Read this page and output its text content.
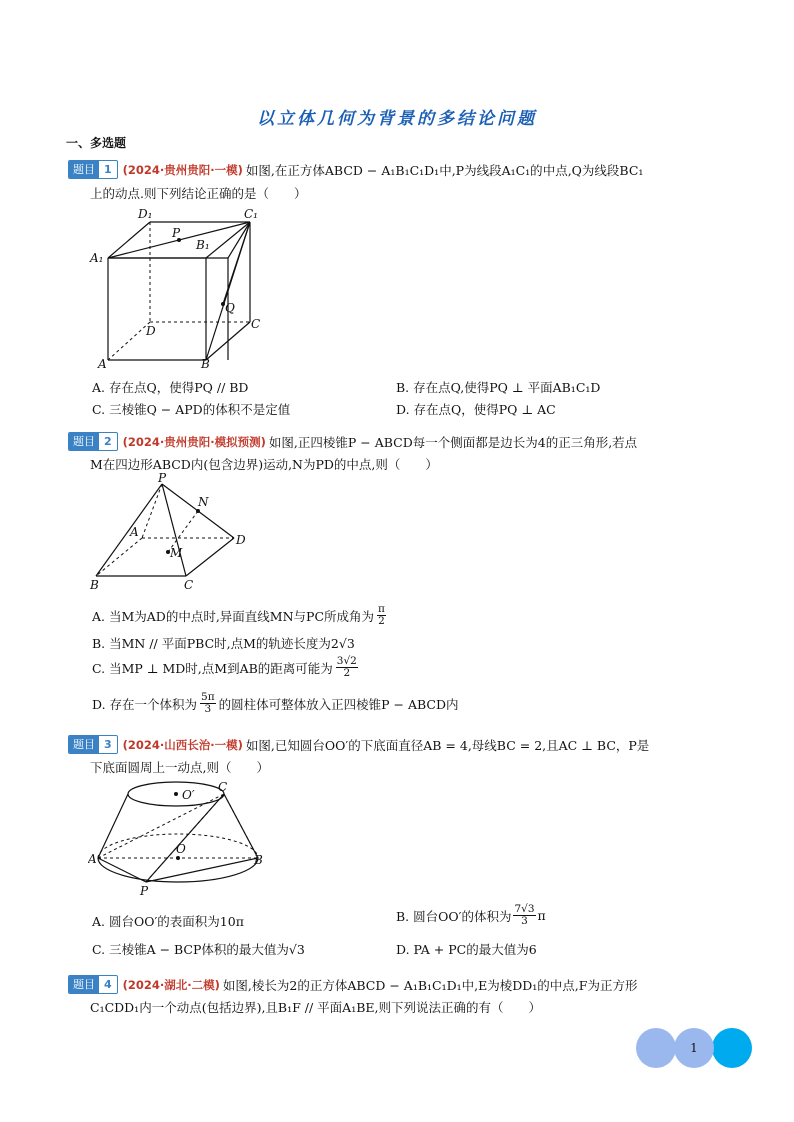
以立体几何为背景的多结论问题
一、多选题
题目 1 (2024·贵州贵阳·一模) 如图,在正方体ABCD − A₁B₁C₁D₁中,P为线段A₁C₁的中点,Q为线段BC₁
上的动点.则下列结论正确的是（　　）
D₁	C₁
P
B₁
A₁
Q
D	C
A	B
A. 存在点Q，使得PQ // BD	B. 存在点Q,使得PQ ⊥ 平面AB₁C₁D
C. 三棱锥Q − APD的体积不是定值	D. 存在点Q，使得PQ ⊥ AC
题目 2 (2024·贵州贵阳·模拟预测) 如图,正四棱锥P − ABCD每一个侧面都是边长为4的正三角形,若点
M在四边形ABCD内(包含边界)运动,N为PD的中点,则（　　）
P
N
A
D
M
B	C
A. 当M为AD的中点时,异面直线MN与PC所成角为 π
2
B. 当MN // 平面PBC时,点M的轨迹长度为2√3
C. 当MP ⊥ MD时,点M到AB的距离可能为 3√2
2
D. 存在一个体积为 5π
3 的圆柱体可整体放入正四棱锥P − ABCD内
题目 3 (2024·山西长治·一模) 如图,已知圆台OO′的下底面直径AB = 4,母线BC = 2,且AC ⊥ BC，P是
下底面圆周上一动点,则（　　）
O′
C
O
A	B
P
A. 圆台OO′的表面积为10π	B. 圆台OO′的体积为 7√3
3 π
C. 三棱锥A − BCP体积的最大值为√3	D. PA + PC的最大值为6
题目 4 (2024·湖北·二模) 如图,棱长为2的正方体ABCD − A₁B₁C₁D₁中,E为棱DD₁的中点,F为正方形
C₁CDD₁内一个动点(包括边界),且B₁F // 平面A₁BE,则下列说法正确的有（　　）
1
